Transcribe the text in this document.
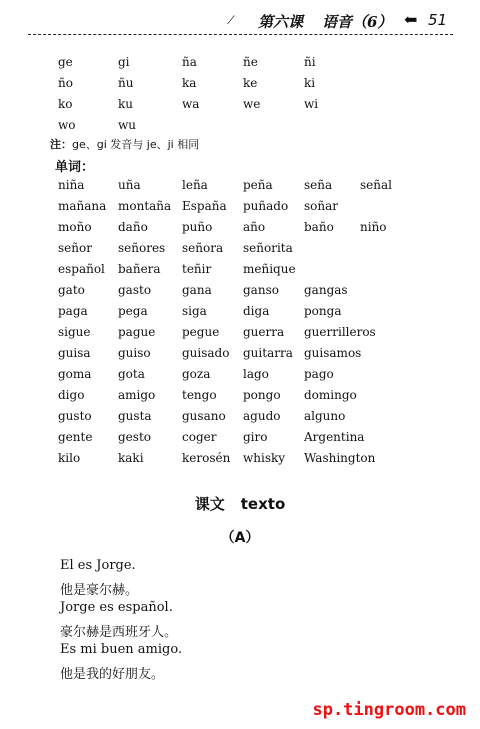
⁄ 第六课 语音（6） ⬅ 51
ge	gi	ña	ñe	ñi
ño	ñu	ka	ke	ki
ko	ku	wa	we	wi
wo	wu
注：ge、gi 发音与 je、ji 相同
单词：
niña	uña	leña	peña	seña señal
mañana montaña España puñado soñar
moño daño	puño	año	baño niño
señor señores señora señorita
español bañera teñir	meñique
gato	gasto	gana	ganso gangas
paga	pega	siga	diga	ponga
sigue pague pegue guerra guerrilleros
guisa guiso	guisado guitarra guisamos
goma gota	goza	lago	pago
digo	amigo tengo pongo domingo
gusto gusta	gusano agudo alguno
gente gesto	coger giro	Argentina
kilo	kaki	kerosén whisky Washington
课文 texto
（A）
El es Jorge.
他是豪尔赫。
Jorge es español.
豪尔赫是西班牙人。
Es mi buen amigo.
他是我的好朋友。
sp.tingroom.com
